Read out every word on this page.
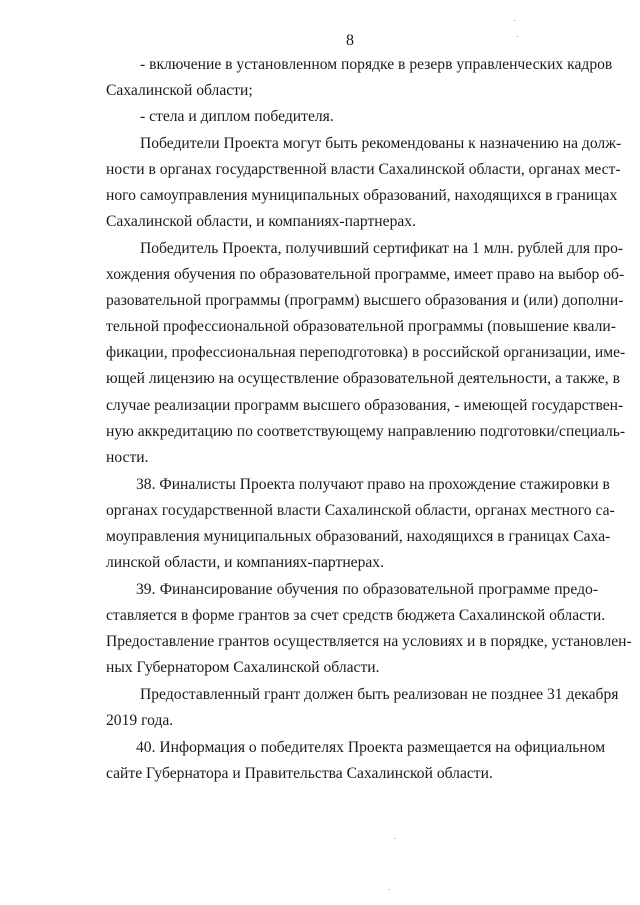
8
- включение в установленном порядке в резерв управленческих кадров
Сахалинской области;
- стела и диплом победителя.
Победители Проекта могут быть рекомендованы к назначению на долж-
ности в органах государственной власти Сахалинской области, органах мест-
ного самоуправления муниципальных образований, находящихся в границах
Сахалинской области, и компаниях-партнерах.
Победитель Проекта, получивший сертификат на 1 млн. рублей для про-
хождения обучения по образовательной программе, имеет право на выбор об-
разовательной программы (программ) высшего образования и (или) дополни-
тельной профессиональной образовательной программы (повышение квали-
фикации, профессиональная переподготовка) в российской организации, име-
ющей лицензию на осуществление образовательной деятельности, а также, в
случае реализации программ высшего образования, - имеющей государствен-
ную аккредитацию по соответствующему направлению подготовки/специаль-
ности.
38. Финалисты Проекта получают право на прохождение стажировки в
органах государственной власти Сахалинской области, органах местного са-
моуправления муниципальных образований, находящихся в границах Саха-
линской области, и компаниях-партнерах.
39. Финансирование обучения по образовательной программе предо-
ставляется в форме грантов за счет средств бюджета Сахалинской области.
Предоставление грантов осуществляется на условиях и в порядке, установлен-
ных Губернатором Сахалинской области.
Предоставленный грант должен быть реализован не позднее 31 декабря
2019 года.
40. Информация о победителях Проекта размещается на официальном
сайте Губернатора и Правительства Сахалинской области.
